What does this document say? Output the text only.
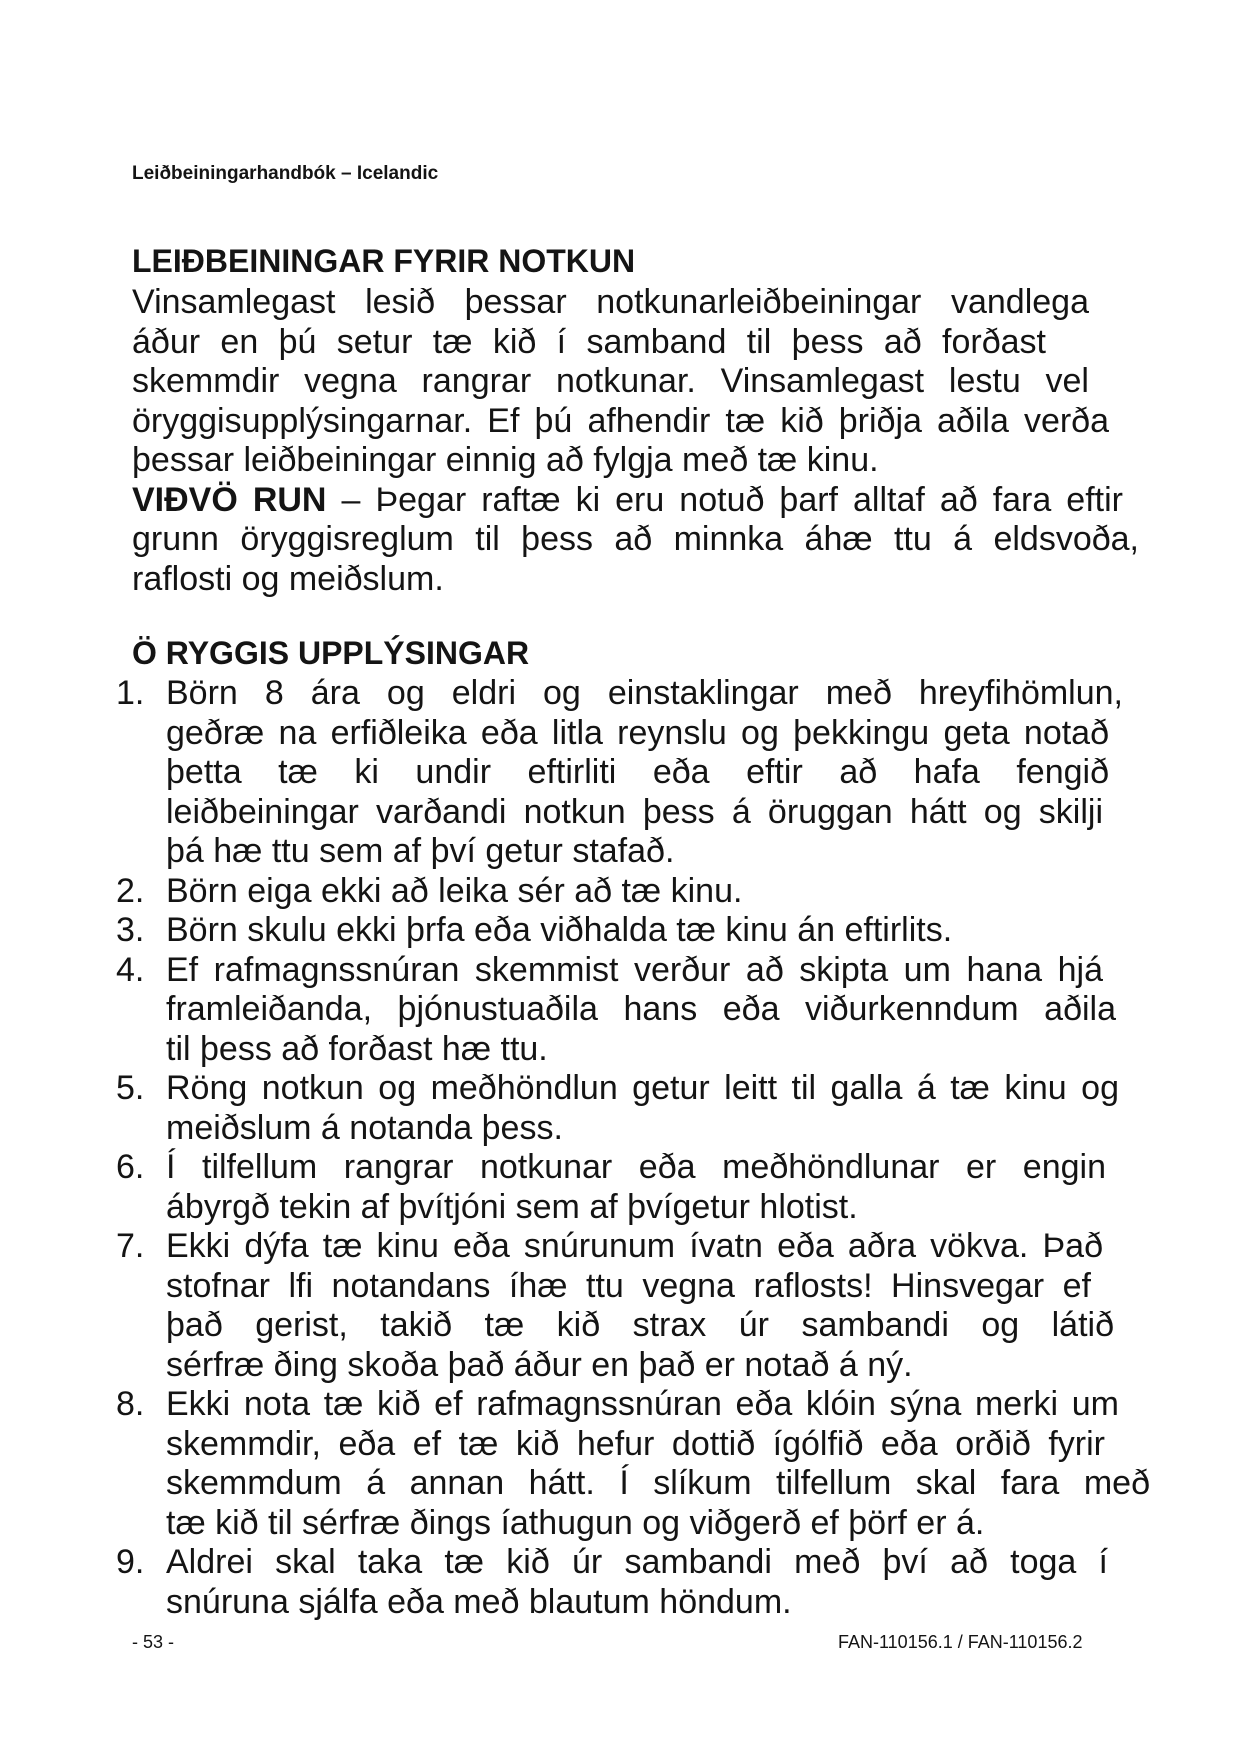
Leiðbeiningarhandbók – Icelandic
LEIÐBEININGAR FYRIR NOTKUN
Vinsamlegast lesið þessar notkunarleiðbeiningar vandlega
áður en þú setur tæ kið í samband til þess að forðast
skemmdir vegna rangrar notkunar. Vinsamlegast lestu vel
öryggisupplýsingarnar. Ef þú afhendir tæ kið þriðja aðila verða
þessar leiðbeiningar einnig að fylgja með tæ kinu.
VIÐVÖ RUN – Þegar raftæ ki eru notuð þarf alltaf að fara eftir
grunn öryggisreglum til þess að minnka áhæ ttu á eldsvoða,
raflosti og meiðslum.
Ö RYGGIS UPPLÝSINGAR
1. Börn 8 ára og eldri og einstaklingar með hreyfihömlun,
geðræ na erfiðleika eða litla reynslu og þekkingu geta notað
þetta tæ ki undir eftirliti eða eftir að hafa fengið
leiðbeiningar varðandi notkun þess á öruggan hátt og skilji
þá hæ ttu sem af því getur stafað.
2. Börn eiga ekki að leika sér að tæ kinu.
3. Börn skulu ekki þrfa eða viðhalda tæ kinu án eftirlits.
4. Ef rafmagnssnúran skemmist verður að skipta um hana hjá
framleiðanda, þjónustuaðila hans eða viðurkenndum aðila
til þess að forðast hæ ttu.
5. Röng notkun og meðhöndlun getur leitt til galla á tæ kinu og
meiðslum á notanda þess.
6. Í tilfellum rangrar notkunar eða meðhöndlunar er engin
ábyrgð tekin af þvítjóni sem af þvígetur hlotist.
7. Ekki dýfa tæ kinu eða snúrunum ívatn eða aðra vökva. Það
stofnar lfi notandans íhæ ttu vegna raflosts! Hinsvegar ef
það gerist, takið tæ kið strax úr sambandi og látið
sérfræ ðing skoða það áður en það er notað á ný.
8. Ekki nota tæ kið ef rafmagnssnúran eða klóin sýna merki um
skemmdir, eða ef tæ kið hefur dottið ígólfið eða orðið fyrir
skemmdum á annan hátt. Í slíkum tilfellum skal fara með
tæ kið til sérfræ ðings íathugun og viðgerð ef þörf er á.
9. Aldrei skal taka tæ kið úr sambandi með því að toga í
snúruna sjálfa eða með blautum höndum.
- 53 -	FAN-110156.1 / FAN-110156.2
